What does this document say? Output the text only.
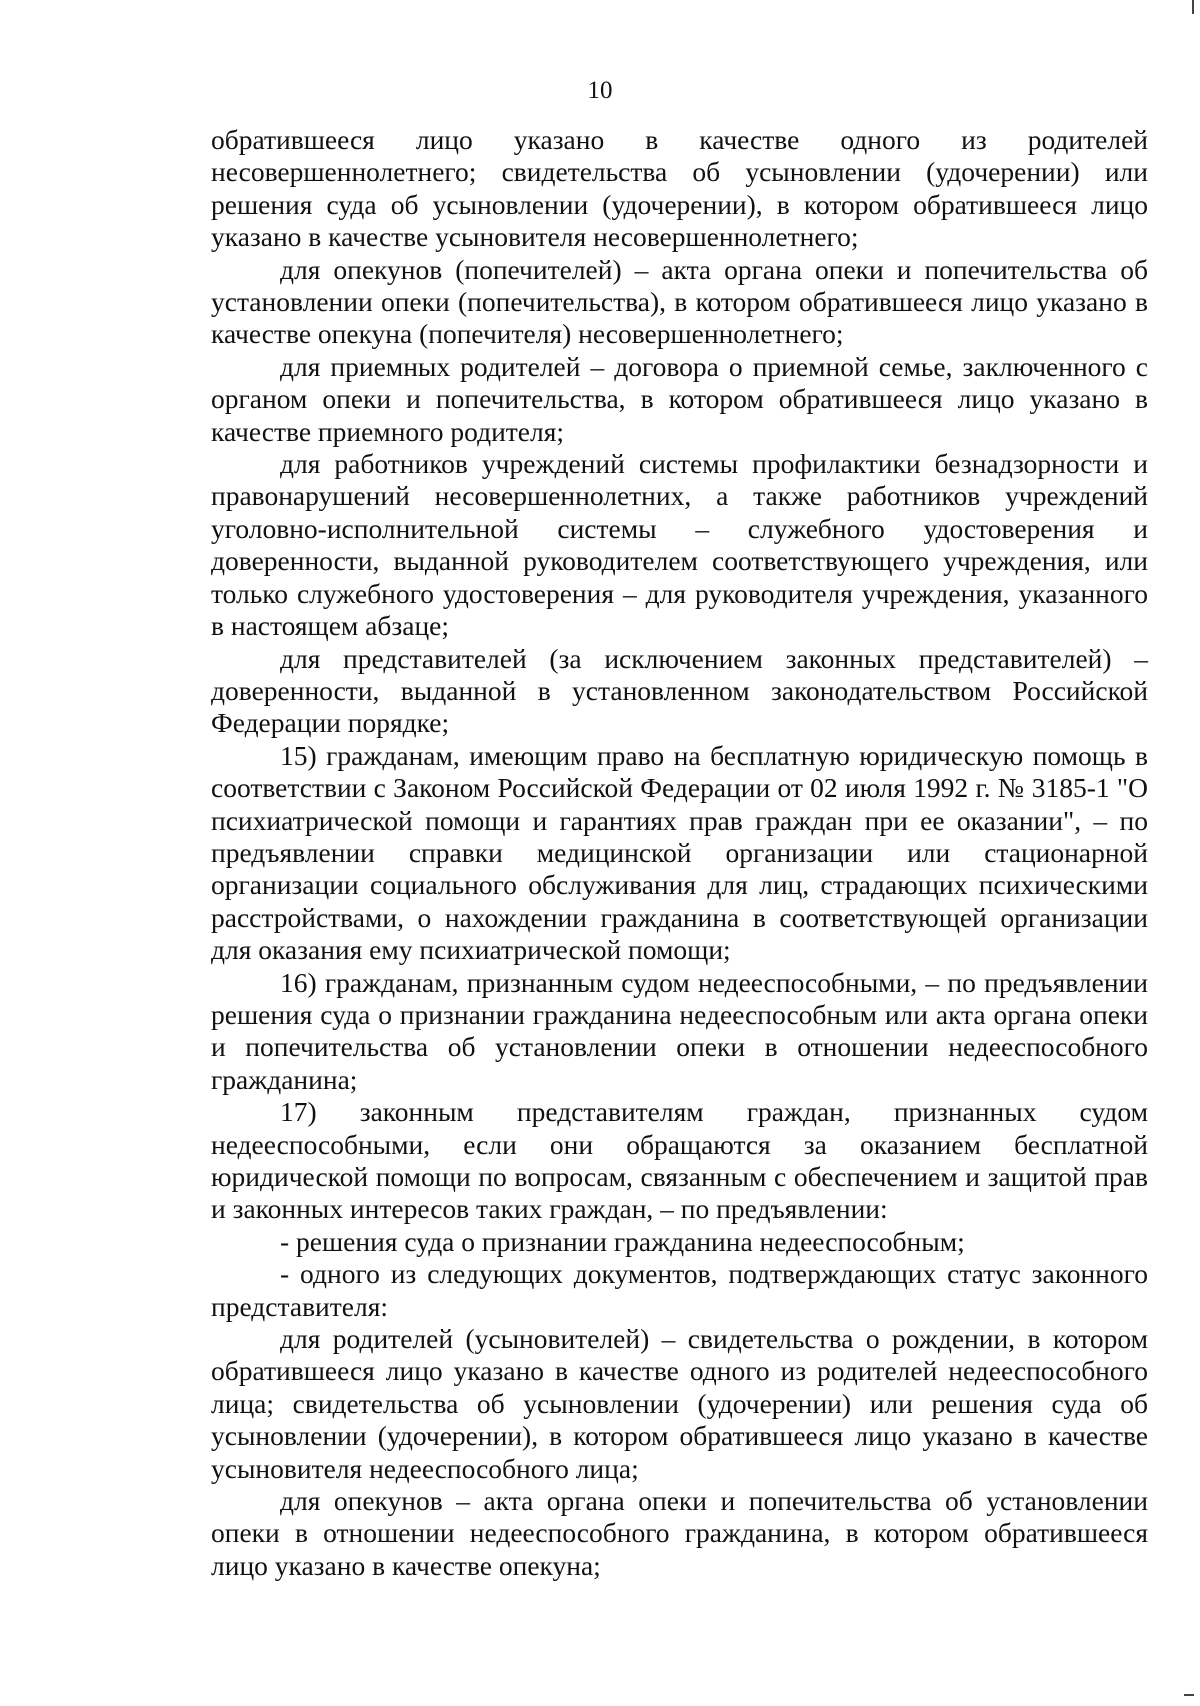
10

обратившееся лицо указано в качестве одного из родителей несовершеннолетнего; свидетельства об усыновлении (удочерении) или решения суда об усыновлении (удочерении), в котором обратившееся лицо указано в качестве усыновителя несовершеннолетнего;

для опекунов (попечителей) – акта органа опеки и попечительства об установлении опеки (попечительства), в котором обратившееся лицо указано в качестве опекуна (попечителя) несовершеннолетнего;

для приемных родителей – договора о приемной семье, заключенного с органом опеки и попечительства, в котором обратившееся лицо указано в качестве приемного родителя;

для работников учреждений системы профилактики безнадзорности и правонарушений несовершеннолетних, а также работников учреждений уголовно-исполнительной системы – служебного удостоверения и доверенности, выданной руководителем соответствующего учреждения, или только служебного удостоверения – для руководителя учреждения, указанного в настоящем абзаце;

для представителей (за исключением законных представителей) – доверенности, выданной в установленном законодательством Российской Федерации порядке;

15) гражданам, имеющим право на бесплатную юридическую помощь в соответствии с Законом Российской Федерации от 02 июля 1992 г. № 3185-1 "О психиатрической помощи и гарантиях прав граждан при ее оказании", – по предъявлении справки медицинской организации или стационарной организации социального обслуживания для лиц, страдающих психическими расстройствами, о нахождении гражданина в соответствующей организации для оказания ему психиатрической помощи;

16) гражданам, признанным судом недееспособными, – по предъявлении решения суда о признании гражданина недееспособным или акта органа опеки и попечительства об установлении опеки в отношении недееспособного гражданина;

17) законным представителям граждан, признанных судом недееспособными, если они обращаются за оказанием бесплатной юридической помощи по вопросам, связанным с обеспечением и защитой прав и законных интересов таких граждан, – по предъявлении:

- решения суда о признании гражданина недееспособным;

- одного из следующих документов, подтверждающих статус законного представителя:

для родителей (усыновителей) – свидетельства о рождении, в котором обратившееся лицо указано в качестве одного из родителей недееспособного лица; свидетельства об усыновлении (удочерении) или решения суда об усыновлении (удочерении), в котором обратившееся лицо указано в качестве усыновителя недееспособного лица;

для опекунов – акта органа опеки и попечительства об установлении опеки в отношении недееспособного гражданина, в котором обратившееся лицо указано в качестве опекуна;
